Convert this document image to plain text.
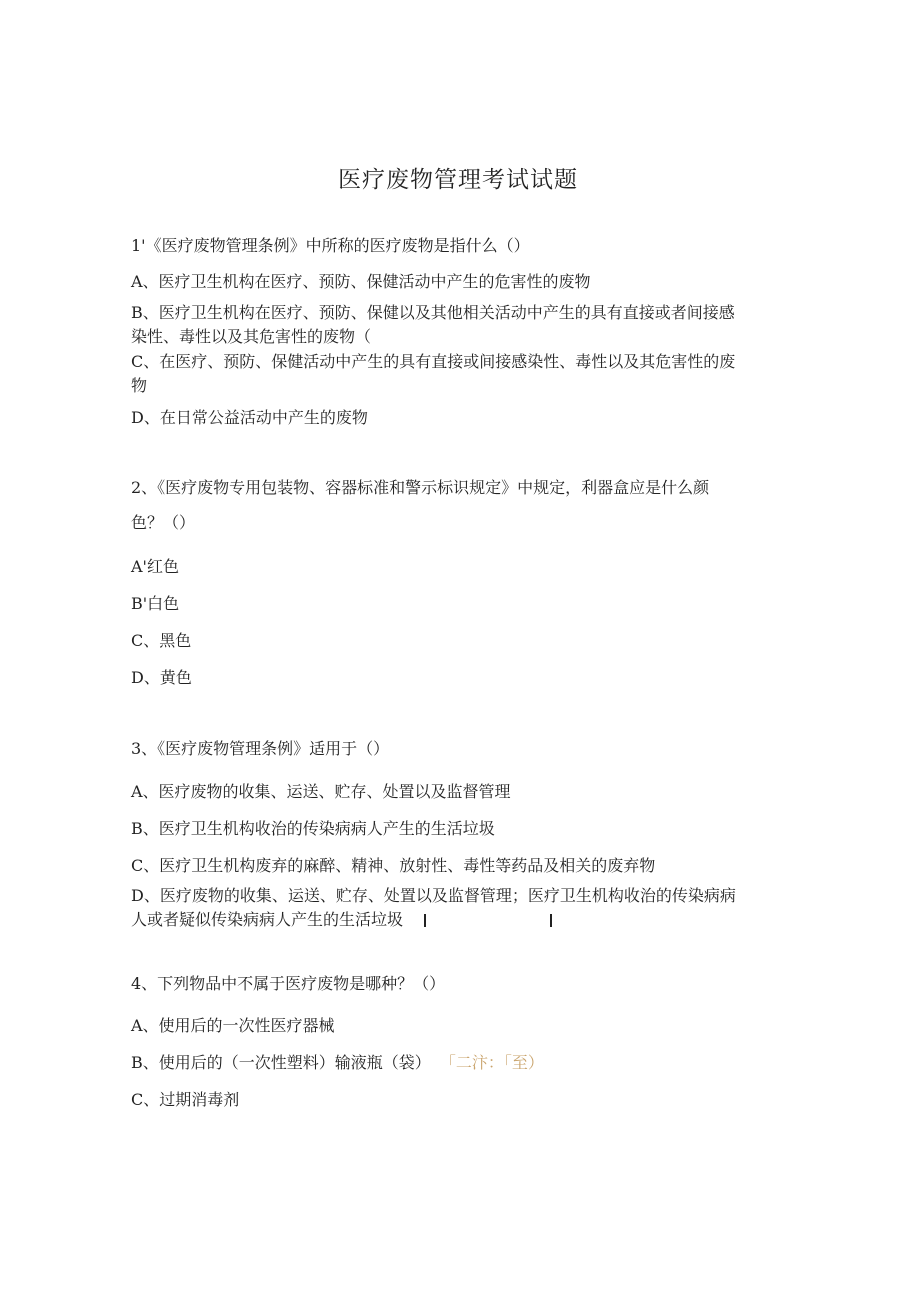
医疗废物管理考试试题
1'《医疗废物管理条例》中所称的医疗废物是指什么（）
A、医疗卫生机构在医疗、预防、保健活动中产生的危害性的废物
B、医疗卫生机构在医疗、预防、保健以及其他相关活动中产生的具有直接或者间接感
染性、毒性以及其危害性的废物（
C、在医疗、预防、保健活动中产生的具有直接或间接感染性、毒性以及其危害性的废
物
D、在日常公益活动中产生的废物
2、《医疗废物专用包装物、容器标准和警示标识规定》中规定，利器盒应是什么颜
色？（）
A'红色
B'白色
C、黑色
D、黄色
3、《医疗废物管理条例》适用于（）
A、医疗废物的收集、运送、贮存、处置以及监督管理
B、医疗卫生机构收治的传染病病人产生的生活垃圾
C、医疗卫生机构废弃的麻醉、精神、放射性、毒性等药品及相关的废弃物
D、医疗废物的收集、运送、贮存、处置以及监督管理；医疗卫生机构收治的传染病病
人或者疑似传染病病人产生的生活垃圾
4、下列物品中不属于医疗废物是哪种？（）
A、使用后的一次性医疗器械
B、使用后的（一次性塑料）输液瓶（袋） 「二汴：「至）
C、过期消毒剂
